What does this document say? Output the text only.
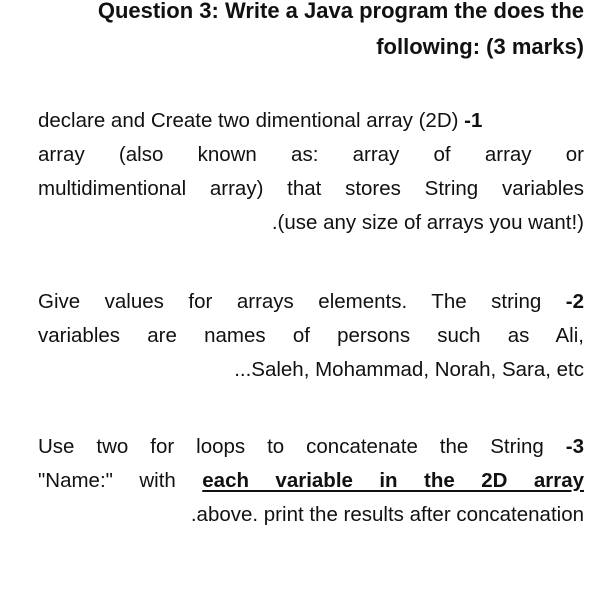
Question 3: Write a Java program the does the
following: (3 marks)
declare and Create two dimentional array (2D) -1
array (also known as: array of array or
multidimentional array) that stores String variables
.(use any size of arrays you want!)
Give values for arrays elements. The string -2
variables are names of persons such as Ali,
...Saleh, Mohammad, Norah, Sara, etc
Use two for loops to concatenate the String -3
"Name:" with each variable in the 2D array
.above. print the results after concatenation
